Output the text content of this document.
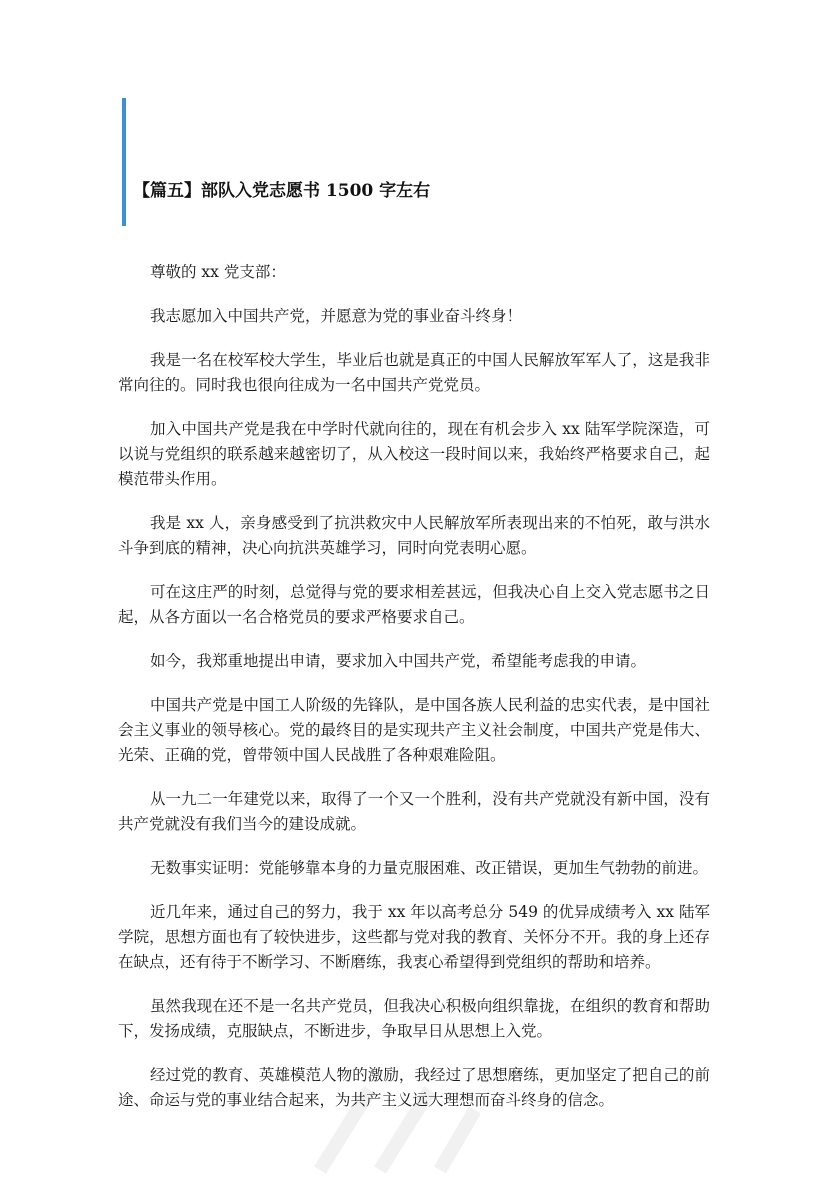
【篇五】部队入党志愿书 1500 字左右

尊敬的 xx 党支部：

我志愿加入中国共产党，并愿意为党的事业奋斗终身！

我是一名在校军校大学生，毕业后也就是真正的中国人民解放军军人了，这是我非常向往的。同时我也很向往成为一名中国共产党党员。

加入中国共产党是我在中学时代就向往的，现在有机会步入 xx 陆军学院深造，可以说与党组织的联系越来越密切了，从入校这一段时间以来，我始终严格要求自己，起模范带头作用。

我是 xx 人，亲身感受到了抗洪救灾中人民解放军所表现出来的不怕死，敢与洪水斗争到底的精神，决心向抗洪英雄学习，同时向党表明心愿。

可在这庄严的时刻，总觉得与党的要求相差甚远，但我决心自上交入党志愿书之日起，从各方面以一名合格党员的要求严格要求自己。

如今，我郑重地提出申请，要求加入中国共产党，希望能考虑我的申请。

中国共产党是中国工人阶级的先锋队，是中国各族人民利益的忠实代表，是中国社会主义事业的领导核心。党的最终目的是实现共产主义社会制度，中国共产党是伟大、光荣、正确的党，曾带领中国人民战胜了各种艰难险阻。

从一九二一年建党以来，取得了一个又一个胜利，没有共产党就没有新中国，没有共产党就没有我们当今的建设成就。

无数事实证明：党能够靠本身的力量克服困难、改正错误，更加生气勃勃的前进。

近几年来，通过自己的努力，我于 xx 年以高考总分 549 的优异成绩考入 xx 陆军学院，思想方面也有了较快进步，这些都与党对我的教育、关怀分不开。我的身上还存在缺点，还有待于不断学习、不断磨练，我衷心希望得到党组织的帮助和培养。

虽然我现在还不是一名共产党员，但我决心积极向组织靠拢，在组织的教育和帮助下，发扬成绩，克服缺点，不断进步，争取早日从思想上入党。

经过党的教育、英雄模范人物的激励，我经过了思想磨练，更加坚定了把自己的前途、命运与党的事业结合起来，为共产主义远大理想而奋斗终身的信念。
